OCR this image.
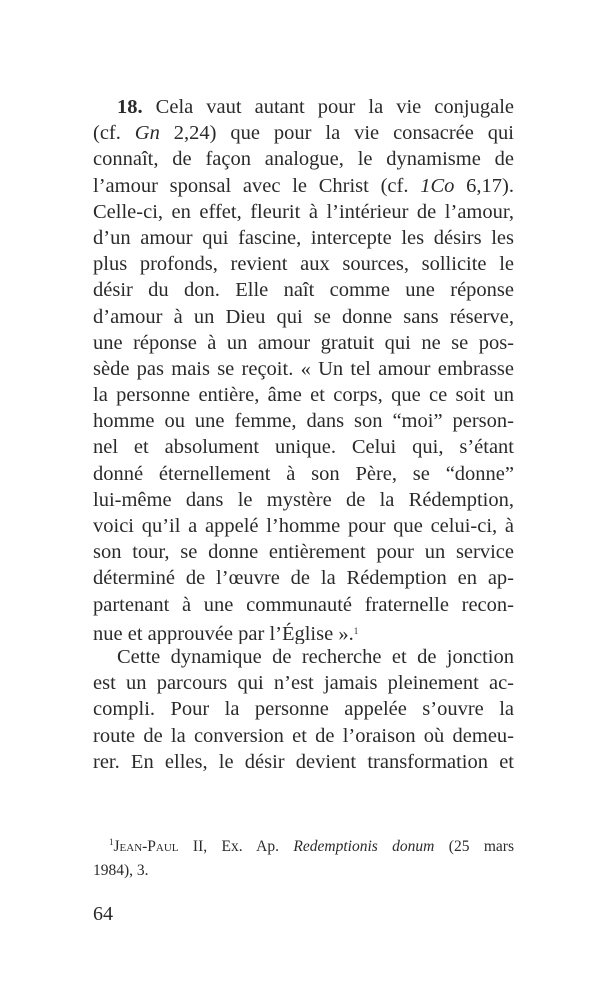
18. Cela vaut autant pour la vie conjugale
(cf. Gn 2,24) que pour la vie consacrée qui
connaît, de façon analogue, le dynamisme de
l’amour sponsal avec le Christ (cf. 1Co 6,17).
Celle-ci, en effet, fleurit à l’intérieur de l’amour,
d’un amour qui fascine, intercepte les désirs les
plus profonds, revient aux sources, sollicite le
désir du don. Elle naît comme une réponse
d’amour à un Dieu qui se donne sans réserve,
une réponse à un amour gratuit qui ne se pos-
sède pas mais se reçoit. « Un tel amour embrasse
la personne entière, âme et corps, que ce soit un
homme ou une femme, dans son “moi” person-
nel et absolument unique. Celui qui, s’étant
donné éternellement à son Père, se “donne”
lui-même dans le mystère de la Rédemption,
voici qu’il a appelé l’homme pour que celui-ci, à
son tour, se donne entièrement pour un service
déterminé de l’œuvre de la Rédemption en ap-
partenant à une communauté fraternelle recon-
nue et approuvée par l’Église ».$^1$
Cette dynamique de recherche et de jonction
est un parcours qui n’est jamais pleinement ac-
compli. Pour la personne appelée s’ouvre la
route de la conversion et de l’oraison où demeu-
rer. En elles, le désir devient transformation et
$^1$Jean-Paul II, Ex. Ap. Redemptionis donum (25 mars
1984), 3.
64
